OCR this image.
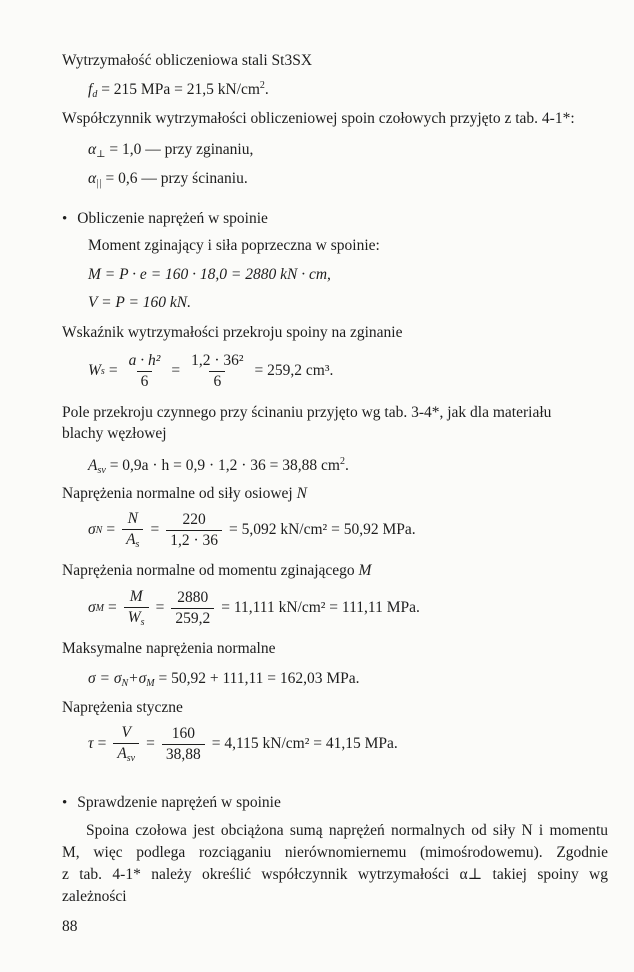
Wytrzymałość obliczeniowa stali St3SX
$f_d = 215$ MPa = 21,5 $kN/cm^2$.
Współczynnik wytrzymałości obliczeniowej spoin czołowych przyjęto z tab. 4-1*:
$\alpha_\perp = 1,0$ — przy zginaniu,
$\alpha_{||} = 0,6$ — przy ścinaniu.
• Obliczenie naprężeń w spoinie
Moment zginający i siła poprzeczna w spoinie:
M = P · e = 160 · 18,0 = 2880 kN · cm,
V = P = 160 kN.
Wskaźnik wytrzymałości przekroju spoiny na zginanie
W $s = \frac{\text{a · h²}}{6} = \frac{\text{1,2 · 36²}}{6} = 259,2$ cm³.
Pole przekroju czynnego przy ścinaniu przyjęto wg tab. 3-4*, jak dla materiału
blachy węzłowej
$A_{sv} = 0,9a \cdot h = 0,9 \cdot 1,2 \cdot 36 = 38,88$ $cm^2$.
Naprężenia normalne od siły osiowej N
σ $N = \frac{N}{A_s} = \frac{220}{1,2 \cdot 36} = 5,092$ kN/cm² = 50,92 MPa.
Naprężenia normalne od momentu zginającego M
σ $M = \frac{M}{W_s} = \frac{2880}{259,2} = 11,111$ kN/cm² = 111,11 MPa.
Maksymalne naprężenia normalne
$\sigma = \sigma_N+\sigma_M = 50,92 + 111,11 = 162,03$ MPa.
Naprężenia styczne
$\tau = \frac{V}{A_{sv}} = \frac{160}{38,88} = 4,115$ kN/cm² = 41,15 MPa.
• Sprawdzenie naprężeń w spoinie
Spoina czołowa jest obciążona sumą naprężeń normalnych od siły N i momentu
M, więc podlega rozciąganiu nierównomiernemu (mimośrodowemu). Zgodnie
z tab. 4-1* należy określić współczynnik wytrzymałości α⊥ takiej spoiny wg
zależności
88
